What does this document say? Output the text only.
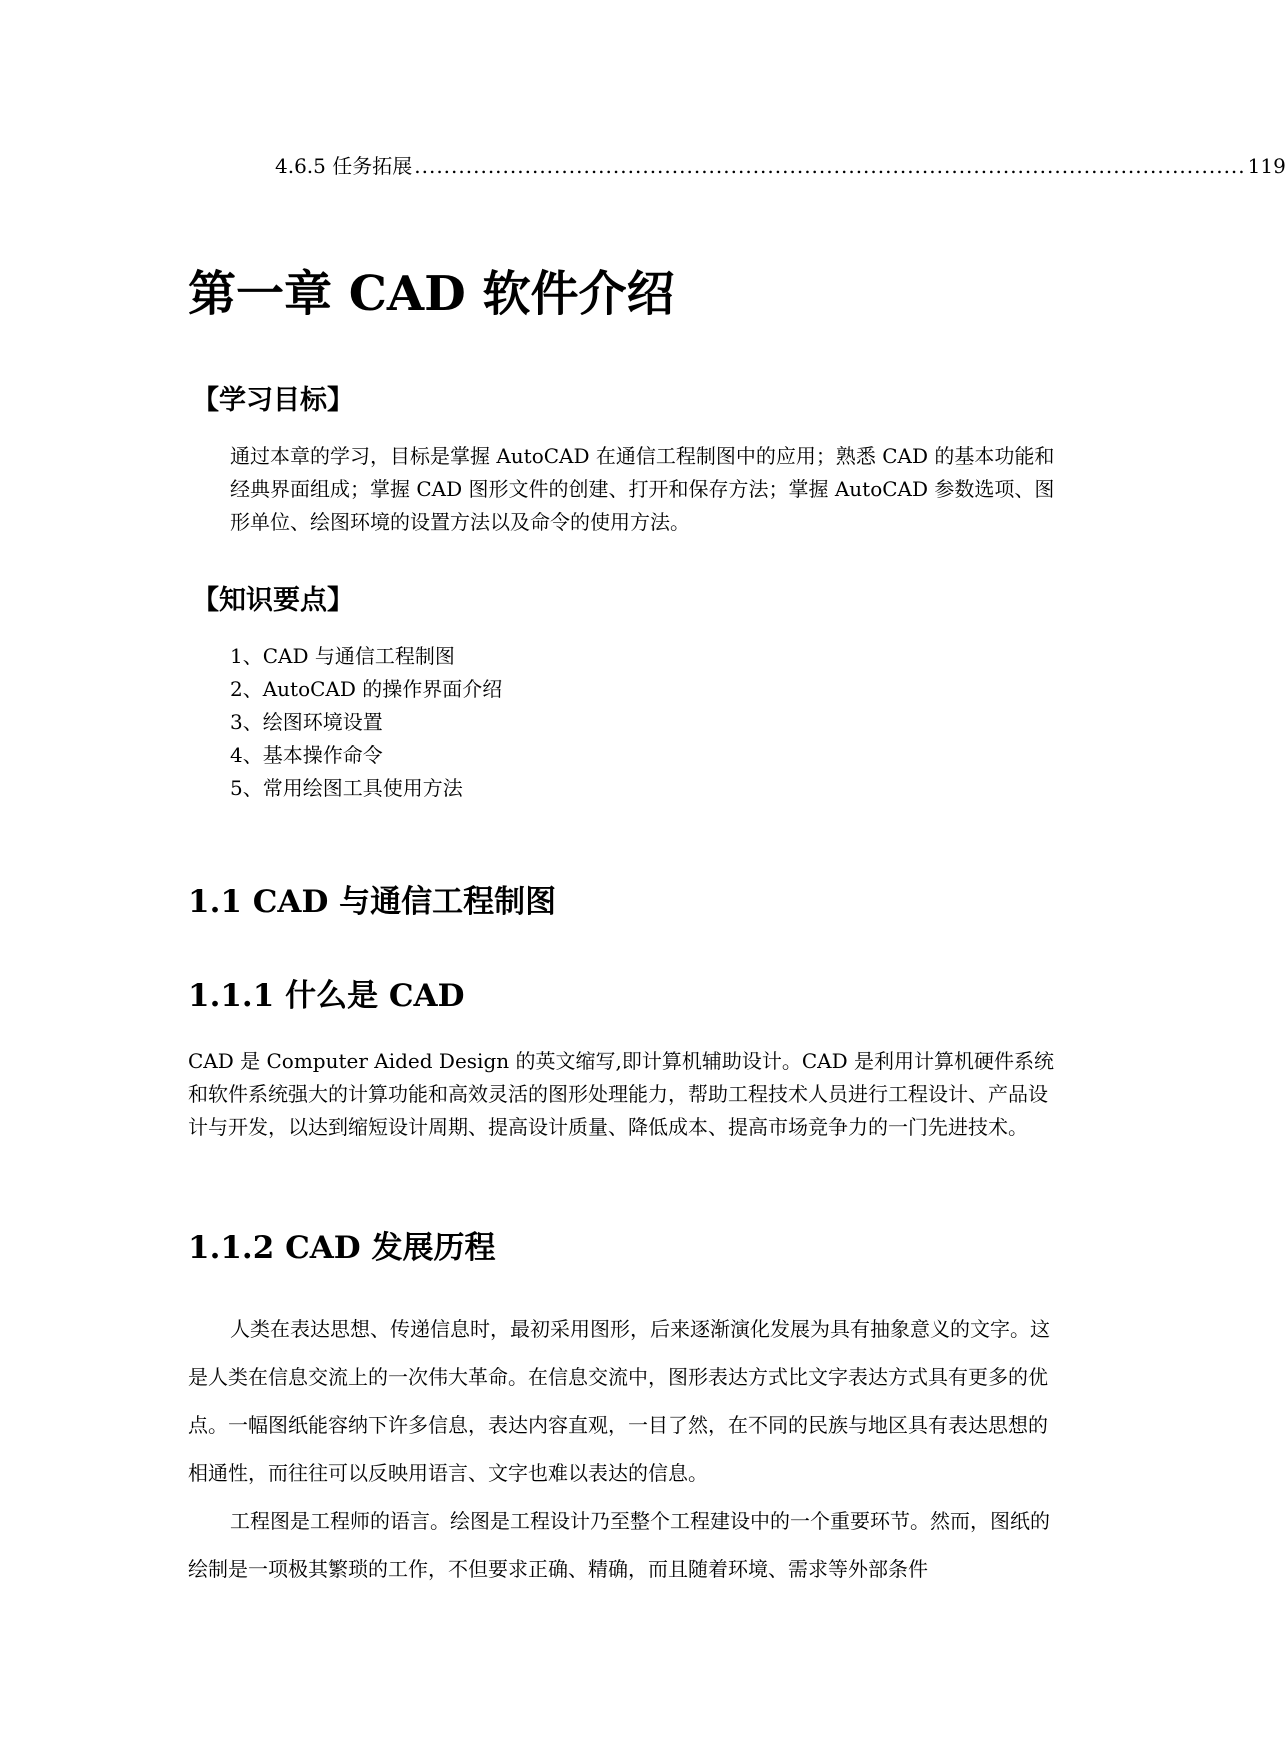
4.6.5 任务拓展 ................................................................................................................. 119
第一章 CAD 软件介绍
【学习目标】

通过本章的学习，目标是掌握 AutoCAD 在通信工程制图中的应用；熟悉 CAD 的基本功能和经典界面组成；掌握 CAD 图形文件的创建、打开和保存方法；掌握 AutoCAD 参数选项、图形单位、绘图环境的设置方法以及命令的使用方法。

【知识要点】
1、CAD 与通信工程制图
2、AutoCAD 的操作界面介绍
3、绘图环境设置
4、基本操作命令
5、常用绘图工具使用方法
1.1 CAD 与通信工程制图
1.1.1 什么是 CAD

CAD 是 Computer Aided Design 的英文缩写,即计算机辅助设计。CAD 是利用计算机硬件系统和软件系统强大的计算功能和高效灵活的图形处理能力，帮助工程技术人员进行工程设计、产品设计与开发，以达到缩短设计周期、提高设计质量、降低成本、提高市场竞争力的一门先进技术。

1.1.2 CAD 发展历程

人类在表达思想、传递信息时，最初采用图形，后来逐渐演化发展为具有抽象意义的文字。这是人类在信息交流上的一次伟大革命。在信息交流中，图形表达方式比文字表达方式具有更多的优点。一幅图纸能容纳下许多信息，表达内容直观，一目了然，在不同的民族与地区具有表达思想的相通性，而往往可以反映用语言、文字也难以表达的信息。

工程图是工程师的语言。绘图是工程设计乃至整个工程建设中的一个重要环节。然而，图纸的绘制是一项极其繁琐的工作，不但要求正确、精确，而且随着环境、需求等外部条件
